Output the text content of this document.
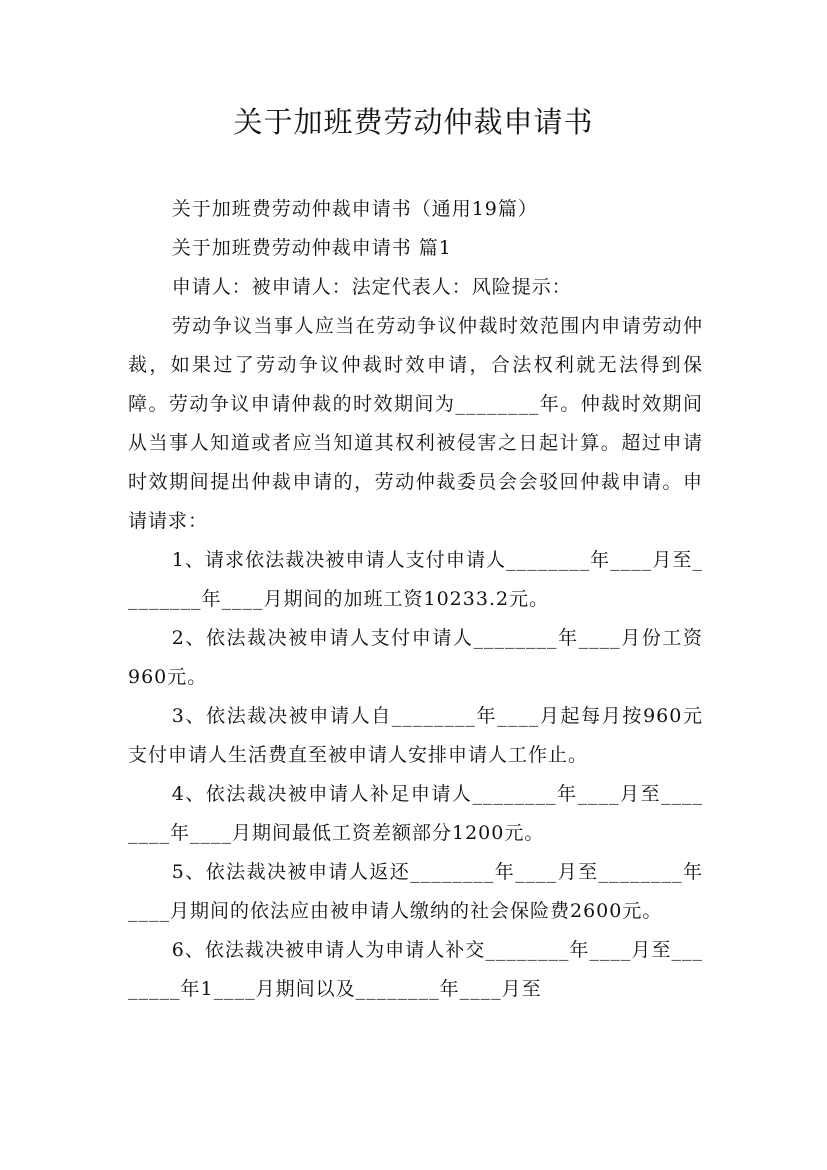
关于加班费劳动仲裁申请书

关于加班费劳动仲裁申请书（通用19篇）

关于加班费劳动仲裁申请书 篇1

申请人：被申请人：法定代表人：风险提示：

劳动争议当事人应当在劳动争议仲裁时效范围内申请劳动仲裁，如果过了劳动争议仲裁时效申请，合法权利就无法得到保障。劳动争议申请仲裁的时效期间为________年。仲裁时效期间从当事人知道或者应当知道其权利被侵害之日起计算。超过申请时效期间提出仲裁申请的，劳动仲裁委员会会驳回仲裁申请。申请请求：

1、请求依法裁决被申请人支付申请人________年____月至________年____月期间的加班工资10233.2元。

2、依法裁决被申请人支付申请人________年____月份工资960元。

3、依法裁决被申请人自________年____月起每月按960元支付申请人生活费直至被申请人安排申请人工作止。

4、依法裁决被申请人补足申请人________年____月至________年____月期间最低工资差额部分1200元。

5、依法裁决被申请人返还________年____月至________年____月期间的依法应由被申请人缴纳的社会保险费2600元。

6、依法裁决被申请人为申请人补交________年____月至________年1____月期间以及________年____月至
